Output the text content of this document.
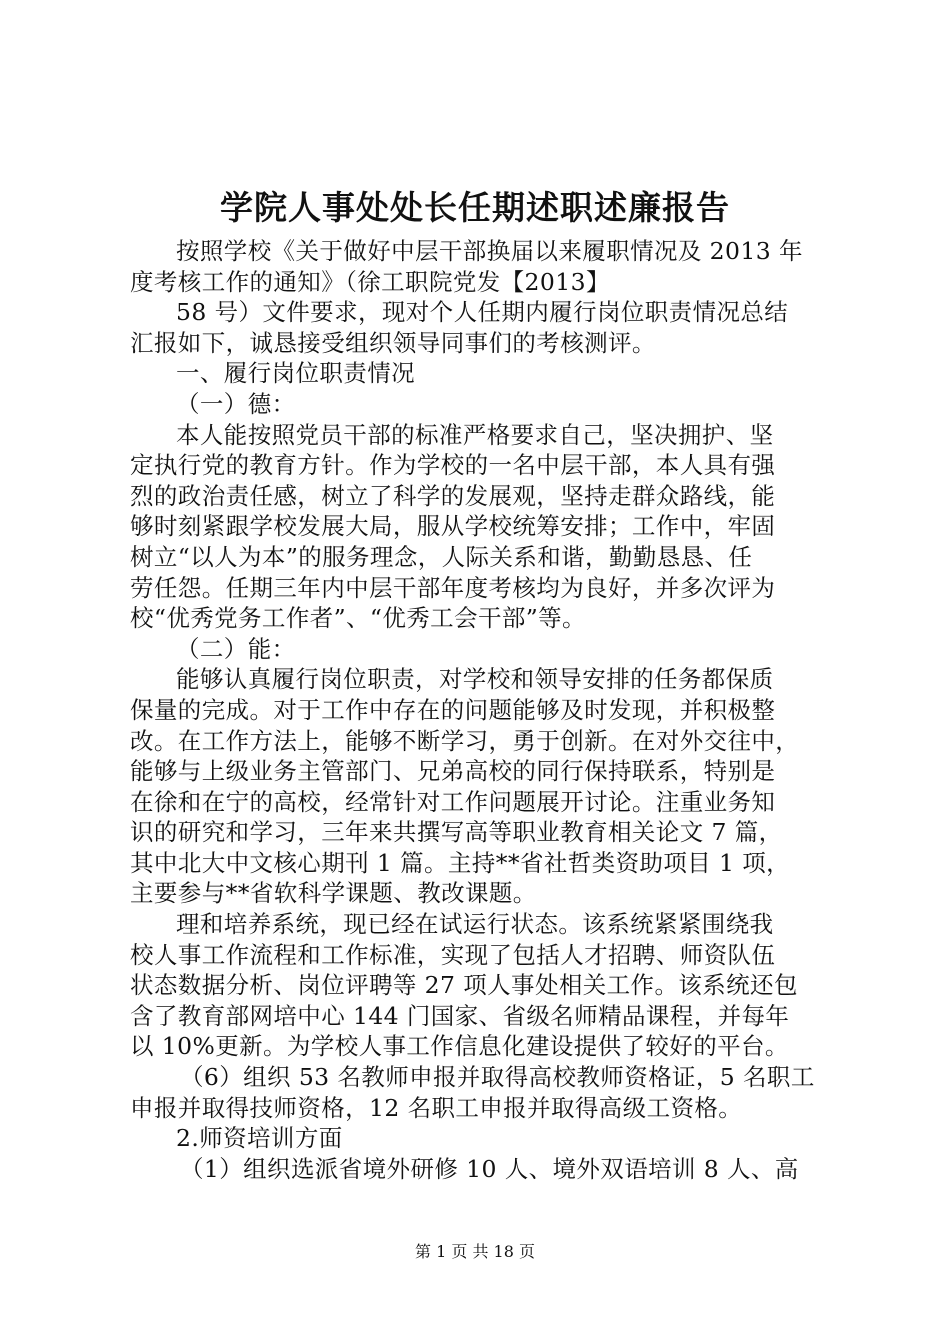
学院人事处处长任期述职述廉报告
按照学校《关于做好中层干部换届以来履职情况及 2013 年
度考核工作的通知》（徐工职院党发【2013】
58 号）文件要求，现对个人任期内履行岗位职责情况总结
汇报如下，诚恳接受组织领导同事们的考核测评。
一、履行岗位职责情况
（一）德：
本人能按照党员干部的标准严格要求自己，坚决拥护、坚
定执行党的教育方针。作为学校的一名中层干部，本人具有强
烈的政治责任感，树立了科学的发展观，坚持走群众路线，能
够时刻紧跟学校发展大局，服从学校统筹安排；工作中，牢固
树立“以人为本”的服务理念，人际关系和谐，勤勤恳恳、任
劳任怨。任期三年内中层干部年度考核均为良好，并多次评为
校“优秀党务工作者”、“优秀工会干部”等。
（二）能：
能够认真履行岗位职责，对学校和领导安排的任务都保质
保量的完成。对于工作中存在的问题能够及时发现，并积极整
改。在工作方法上，能够不断学习，勇于创新。在对外交往中，
能够与上级业务主管部门、兄弟高校的同行保持联系，特别是
在徐和在宁的高校，经常针对工作问题展开讨论。注重业务知
识的研究和学习，三年来共撰写高等职业教育相关论文 7 篇，
其中北大中文核心期刊 1 篇。主持**省社哲类资助项目 1 项，
主要参与**省软科学课题、教改课题。
理和培养系统，现已经在试运行状态。该系统紧紧围绕我
校人事工作流程和工作标准，实现了包括人才招聘、师资队伍
状态数据分析、岗位评聘等 27 项人事处相关工作。该系统还包
含了教育部网培中心 144 门国家、省级名师精品课程，并每年
以 10%更新。为学校人事工作信息化建设提供了较好的平台。
（6）组织 53 名教师申报并取得高校教师资格证，5 名职工
申报并取得技师资格，12 名职工申报并取得高级工资格。
2.师资培训方面
（1）组织选派省境外研修 10 人、境外双语培训 8 人、高
第 1 页 共 18 页
